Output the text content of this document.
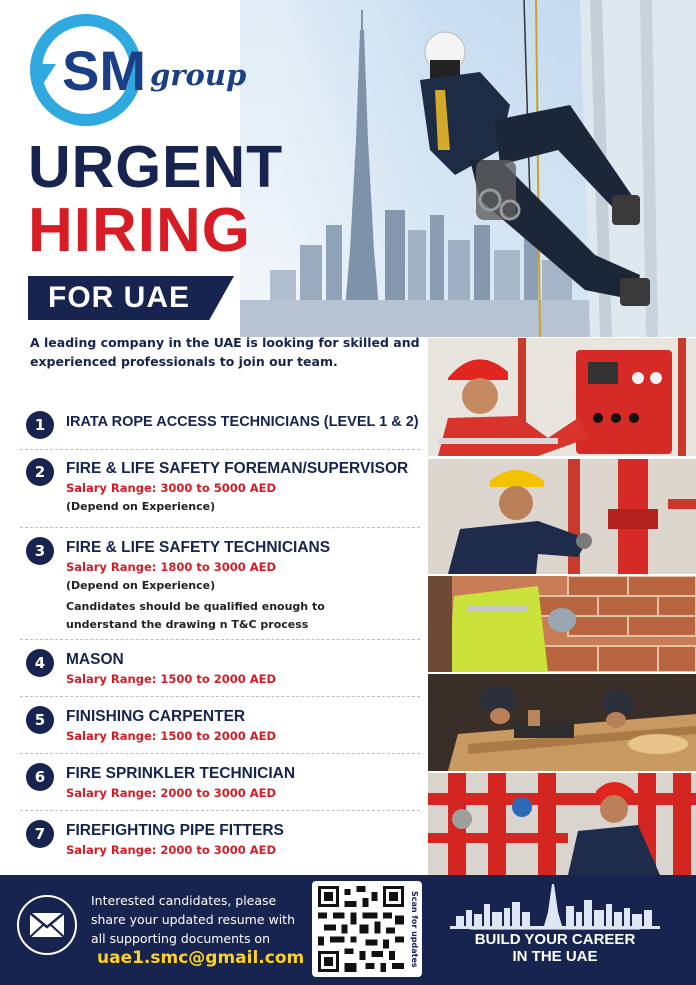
SM group
URGENT
HIRING
FOR UAE
A leading company in the UAE is looking for skilled and experienced professionals to join our team.
1	IRATA ROPE ACCESS TECHNICIANS (LEVEL 1 & 2)
2	FIRE & LIFE SAFETY FOREMAN/SUPERVISOR
Salary Range: 3000 to 5000 AED
(Depend on Experience)
3	FIRE & LIFE SAFETY TECHNICIANS
Salary Range: 1800 to 3000 AED
(Depend on Experience)
Candidates should be qualified enough to understand the drawing n T&C process
4	MASON
Salary Range: 1500 to 2000 AED
5	FINISHING CARPENTER
Salary Range: 1500 to 2000 AED
6	FIRE SPRINKLER TECHNICIAN
Salary Range: 2000 to 3000 AED
7	FIREFIGHTING PIPE FITTERS
Salary Range: 2000 to 3000 AED
Interested candidates, please share your updated resume with all supporting documents on
uae1.smc@gmail.com	Scan for updates	BUILD YOUR CAREER
IN THE UAE
